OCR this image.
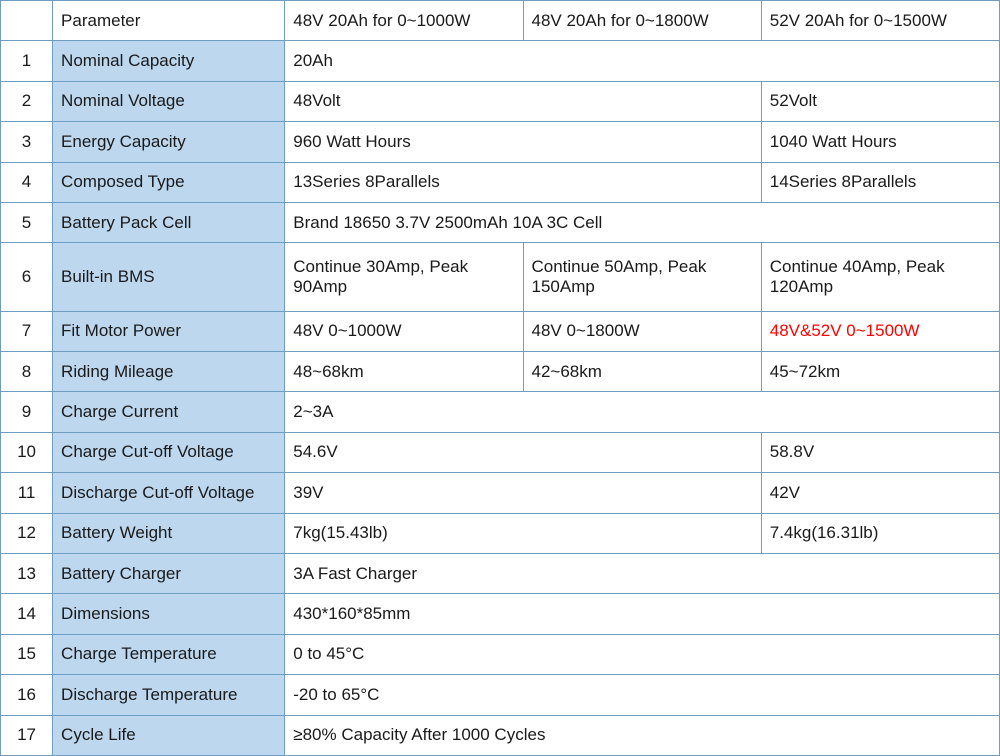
	Parameter	48V 20Ah for 0~1000W	48V 20Ah for 0~1800W	52V 20Ah for 0~1500W
1	Nominal Capacity	20Ah		
2	Nominal Voltage	48Volt		52Volt
3	Energy Capacity	960 Watt Hours		1040 Watt Hours
4	Composed Type	13Series 8Parallels		14Series 8Parallels
5	Battery Pack Cell	Brand 18650 3.7V 2500mAh 10A 3C Cell		
6	Built-in BMS	Continue 30Amp, Peak 90Amp	Continue 50Amp, Peak 150Amp	Continue 40Amp, Peak 120Amp
7	Fit Motor Power	48V 0~1000W	48V 0~1800W	48V&52V 0~1500W
8	Riding Mileage	48~68km	42~68km	45~72km
9	Charge Current	2~3A		
10	Charge Cut-off Voltage	54.6V		58.8V
11	Discharge Cut-off Voltage	39V		42V
12	Battery Weight	7kg(15.43lb)		7.4kg(16.31lb)
13	Battery Charger	3A Fast Charger		
14	Dimensions	430*160*85mm		
15	Charge Temperature	0 to 45°C		
16	Discharge Temperature	-20 to 65°C		
17	Cycle Life	≥80% Capacity After 1000 Cycles		
